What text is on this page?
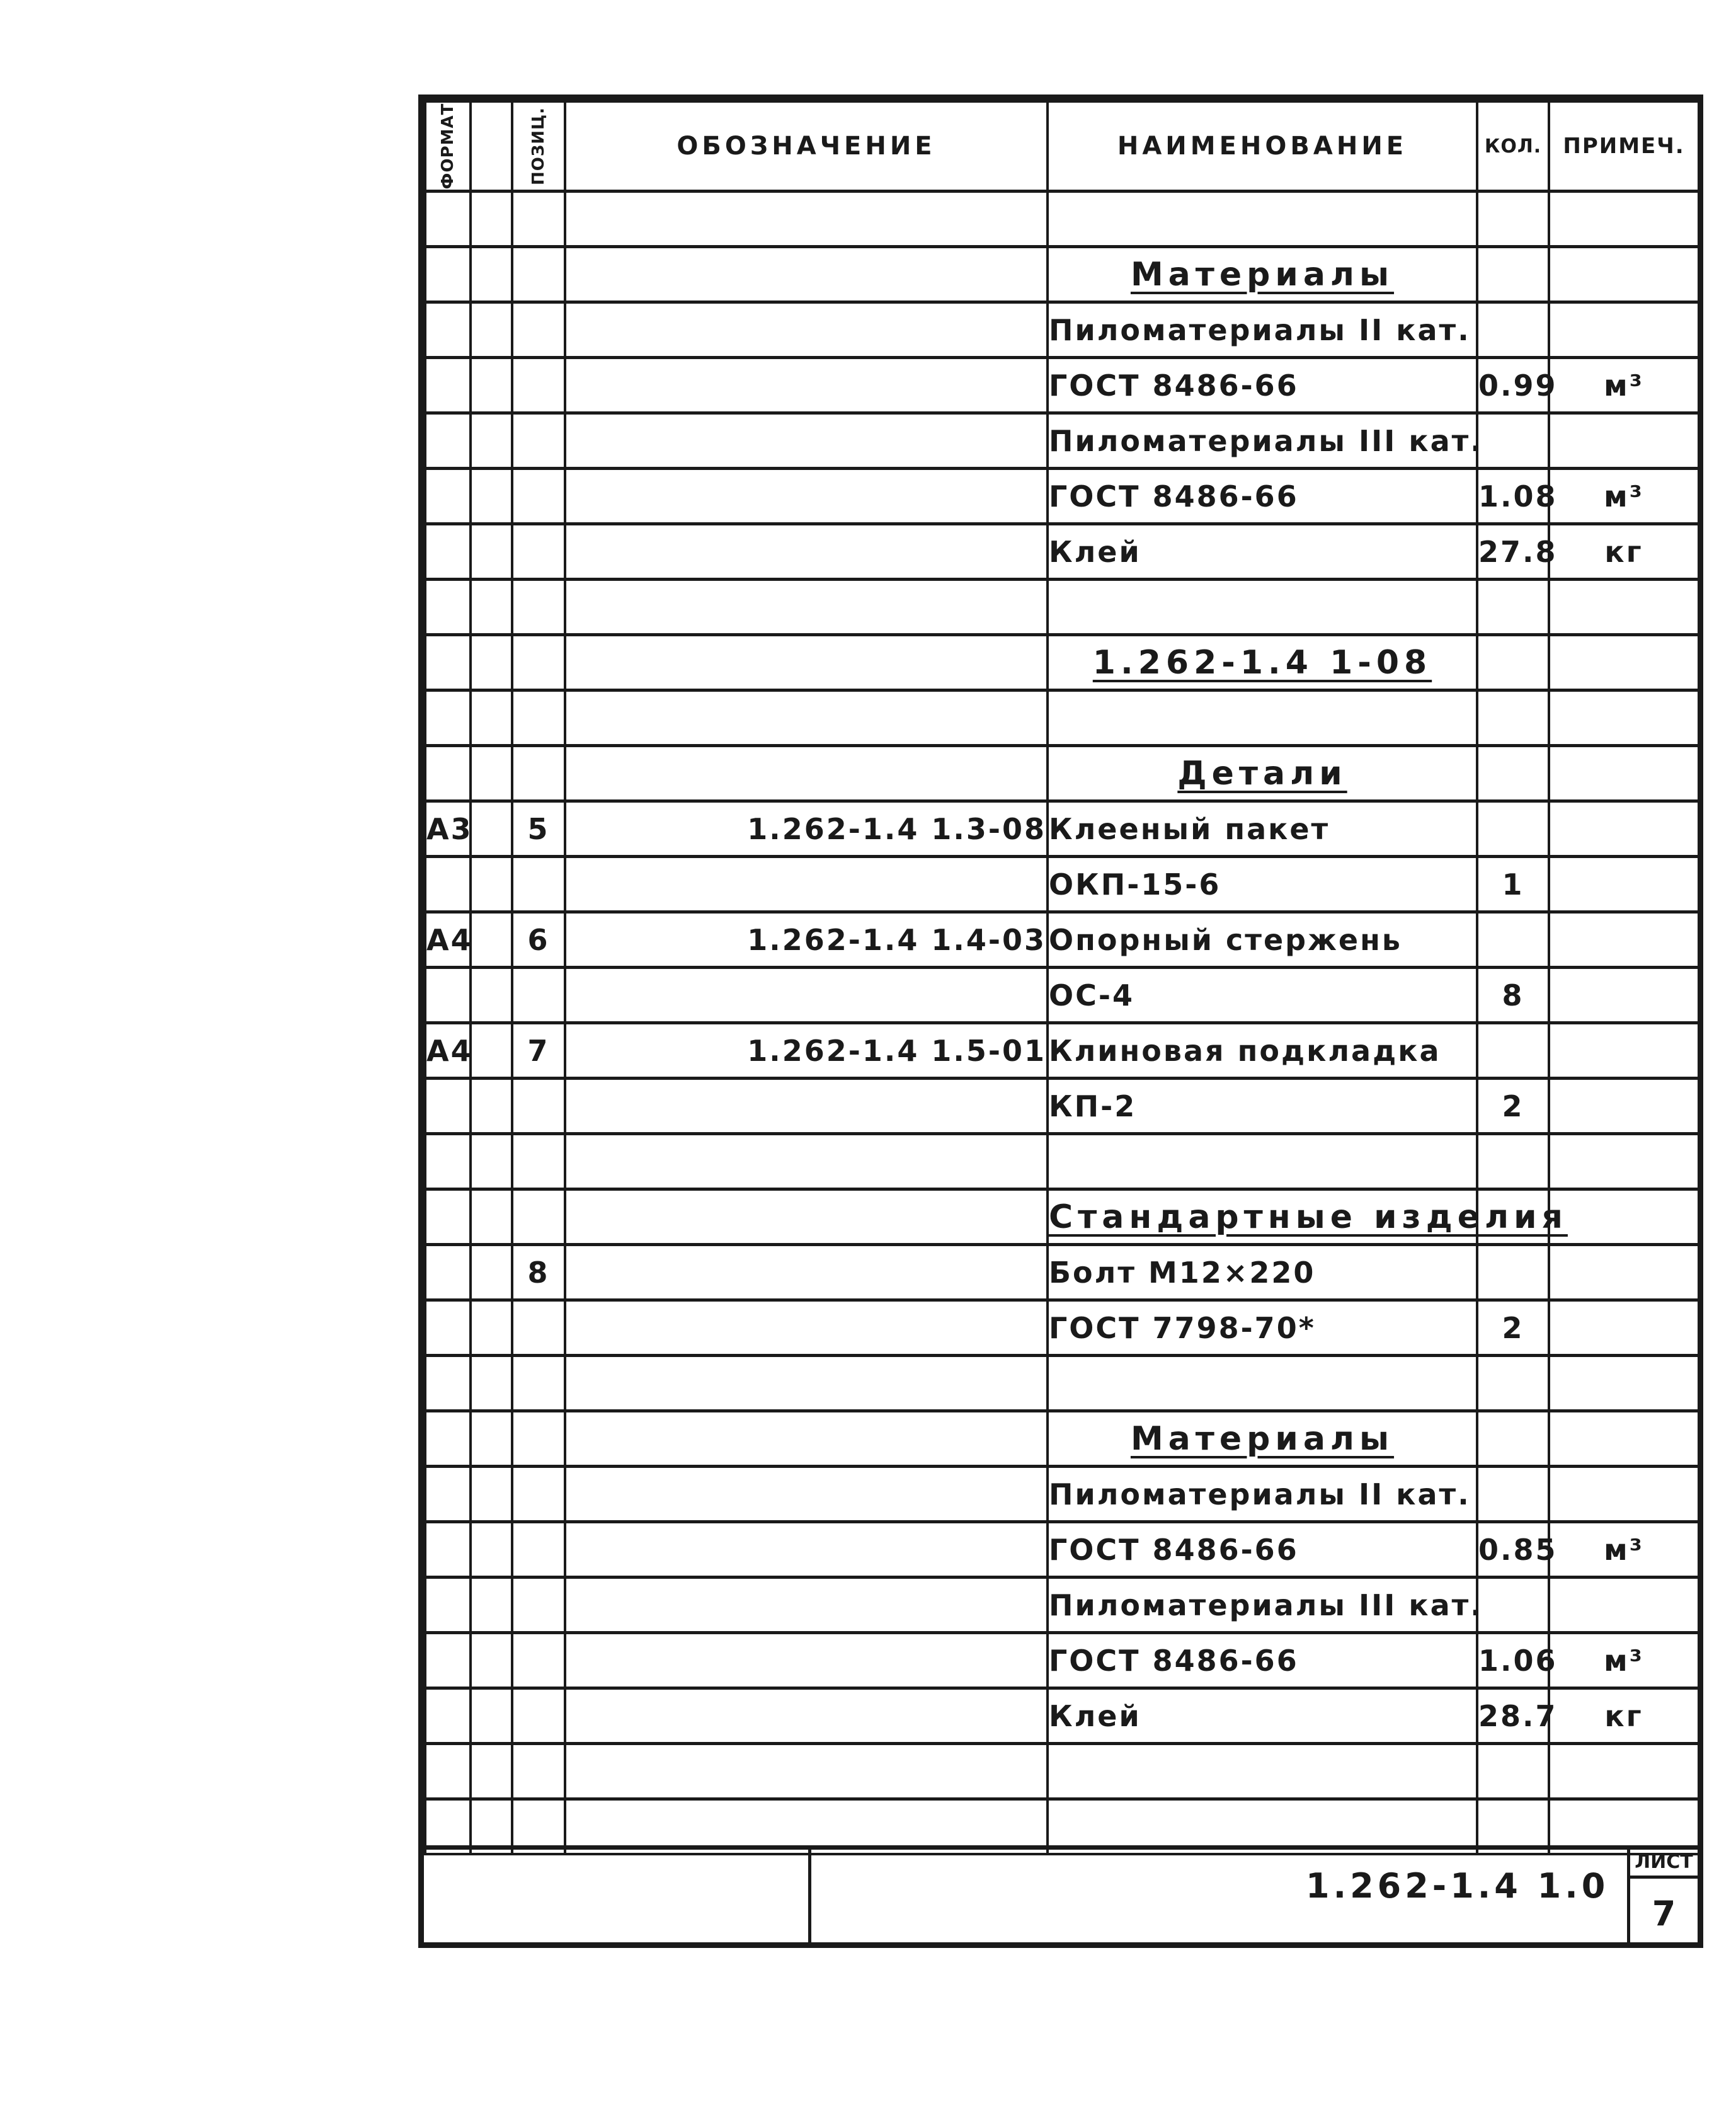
ФОРМАТ		ПОЗИЦ.	ОБОЗНАЧЕНИЕ	НАИМЕНОВАНИЕ	КОЛ.	ПРИМЕЧ.

				Материалы		
				Пиломатериалы II кат.		
				ГОСТ 8486-66	0.99	м³
				Пиломатериалы III кат.		
				ГОСТ 8486-66	1.08	м³
				Клей	27.8	кг

				1.262-1.4 1-08		

				Детали		
А3		5	1.262-1.4 1.3-08	Клееный пакет		
				ОКП-15-6	1	
А4		6	1.262-1.4 1.4-03	Опорный стержень		
				ОС-4	8	
А4		7	1.262-1.4 1.5-01	Клиновая подкладка		
				КП-2	2	

				Стандартные изделия		
		8		Болт М12×220		
				ГОСТ 7798-70*	2	

				Материалы		
				Пиломатериалы II кат.		
				ГОСТ 8486-66	0.85	м³
				Пиломатериалы III кат.		
				ГОСТ 8486-66	1.06	м³
				Клей	28.7	кг

1.262-1.4 1.0
ЛИСТ
7
